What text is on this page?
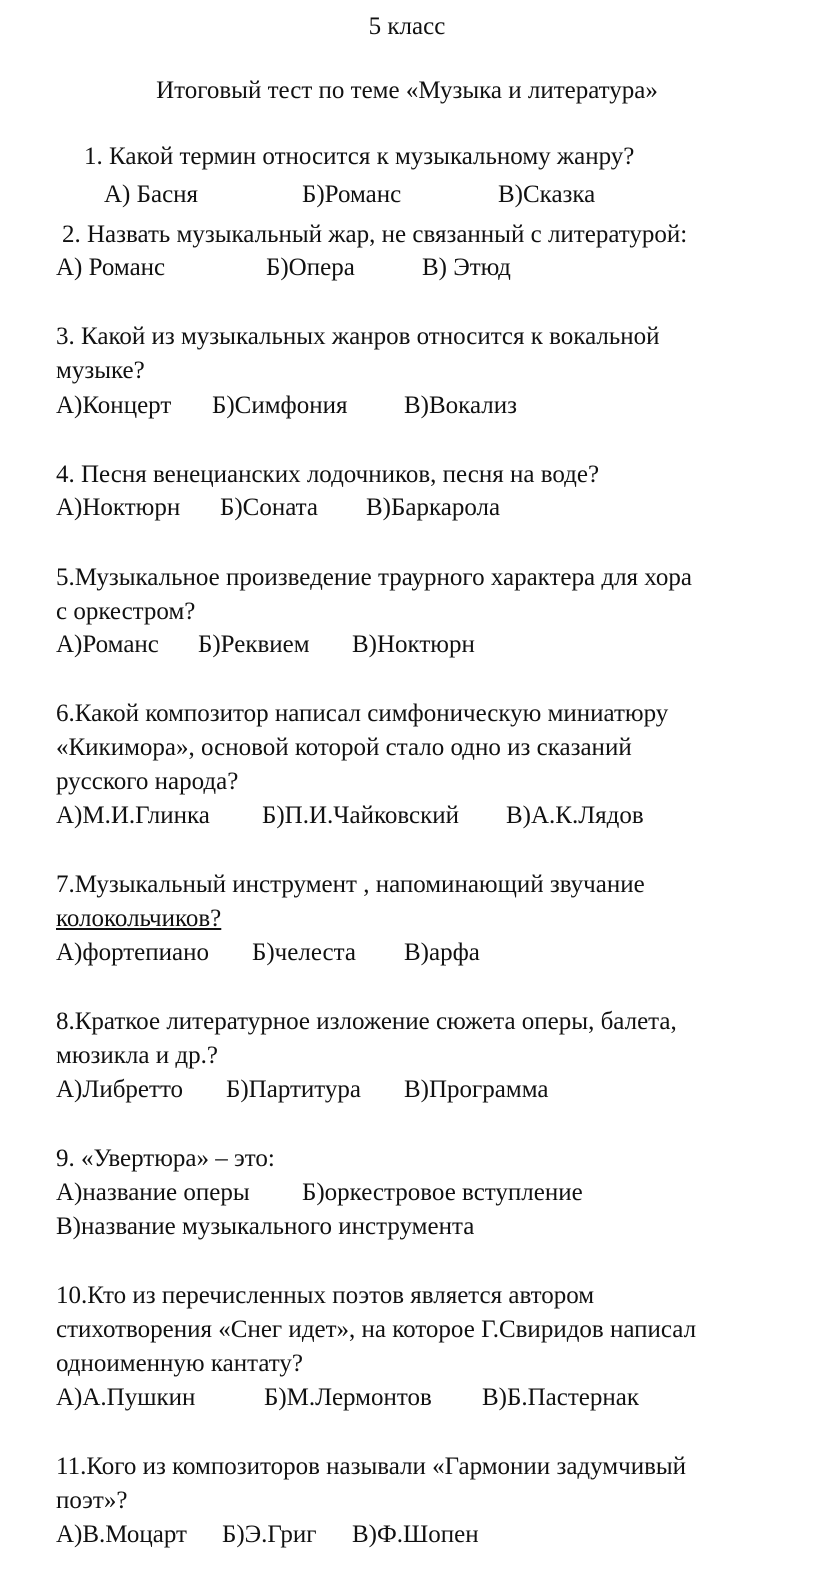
5 класс
Итоговый тест по теме «Музыка и литература»
1. Какой термин относится к музыкальному жанру?
А) Басня	Б)Романс	В)Сказка
2. Назвать музыкальный жар, не связанный с литературой:
А) Романс	Б)Опера	В) Этюд
3. Какой из музыкальных жанров относится к вокальной
музыке?
А)Концерт Б)Симфония В)Вокализ
4. Песня венецианских лодочников, песня на воде?
А)Ноктюрн Б)Соната В)Баркарола
5.Музыкальное произведение траурного характера для хора
с оркестром?
А)Романс Б)Реквием В)Ноктюрн
6.Какой композитор написал симфоническую миниатюру
«Кикимора», основой которой стало одно из сказаний
русского народа?
А)М.И.Глинка Б)П.И.Чайковский В)А.К.Лядов
7.Музыкальный инструмент , напоминающий звучание
колокольчиков?
А)фортепиано Б)челеста В)арфа
8.Краткое литературное изложение сюжета оперы, балета,
мюзикла и др.?
А)Либретто Б)Партитура В)Программа
9. «Увертюра» – это:
А)название оперы Б)оркестровое вступление
В)название музыкального инструмента
10.Кто из перечисленных поэтов является автором
стихотворения «Снег идет», на которое Г.Свиридов написал
одноименную кантату?
А)А.Пушкин	Б)М.Лермонтов В)Б.Пастернак
11.Кого из композиторов называли «Гармонии задумчивый
поэт»?
А)В.Моцарт Б)Э.Григ В)Ф.Шопен
